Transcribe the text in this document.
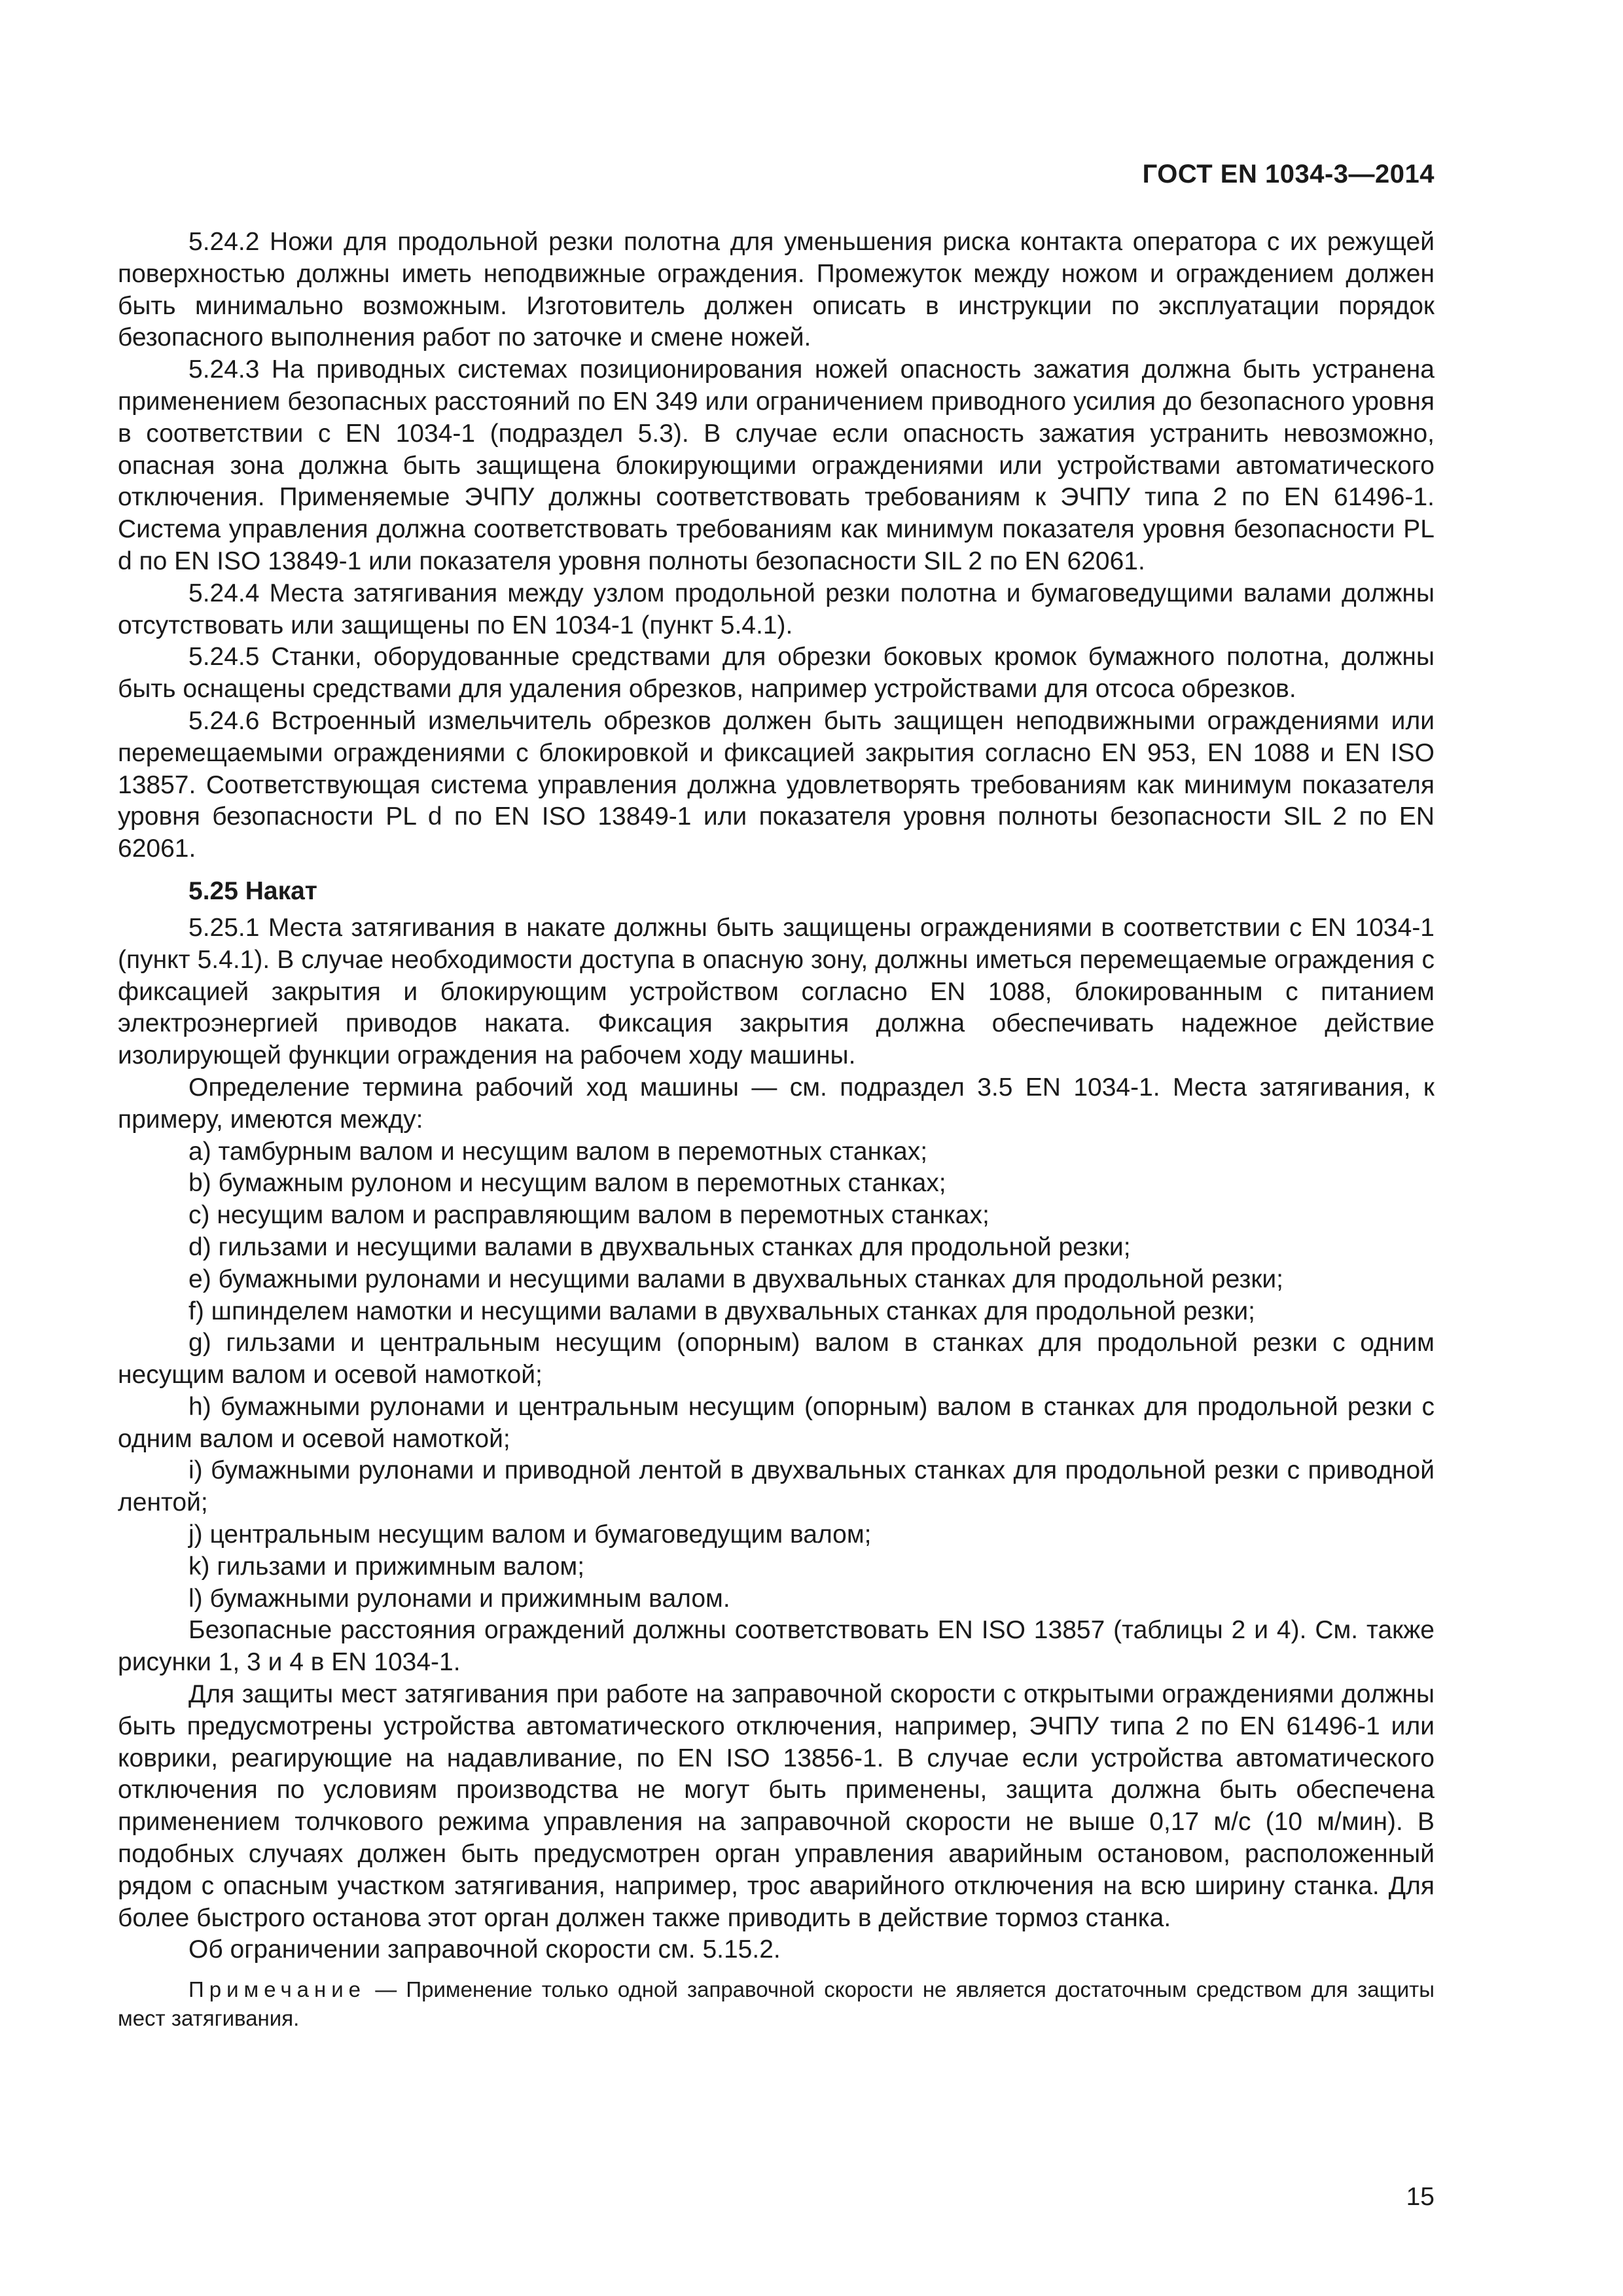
ГОСТ EN 1034-3—2014

5.24.2 Ножи для продольной резки полотна для уменьшения риска контакта оператора с их режущей поверхностью должны иметь неподвижные ограждения. Промежуток между ножом и ограждением должен быть минимально возможным. Изготовитель должен описать в инструкции по эксплуатации порядок безопасного выполнения работ по заточке и смене ножей.

5.24.3 На приводных системах позиционирования ножей опасность зажатия должна быть устранена применением безопасных расстояний по EN 349 или ограничением приводного усилия до безопасного уровня в соответствии с EN 1034-1 (подраздел 5.3). В случае если опасность зажатия устранить невозможно, опасная зона должна быть защищена блокирующими ограждениями или устройствами автоматического отключения. Применяемые ЭЧПУ должны соответствовать требованиям к ЭЧПУ типа 2 по EN 61496-1. Система управления должна соответствовать требованиям как минимум показателя уровня безопасности PL d по EN ISO 13849-1 или показателя уровня полноты безопасности SIL 2 по EN 62061.

5.24.4 Места затягивания между узлом продольной резки полотна и бумаговедущими валами должны отсутствовать или защищены по EN 1034-1 (пункт 5.4.1).

5.24.5 Станки, оборудованные средствами для обрезки боковых кромок бумажного полотна, должны быть оснащены средствами для удаления обрезков, например устройствами для отсоса обрезков.

5.24.6 Встроенный измельчитель обрезков должен быть защищен неподвижными ограждениями или перемещаемыми ограждениями с блокировкой и фиксацией закрытия согласно EN 953, EN 1088 и EN ISO 13857. Соответствующая система управления должна удовлетворять требованиям как минимум показателя уровня безопасности PL d по EN ISO 13849-1 или показателя уровня полноты безопасности SIL 2 по EN 62061.

5.25 Накат

5.25.1 Места затягивания в накате должны быть защищены ограждениями в соответствии с EN 1034-1 (пункт 5.4.1). В случае необходимости доступа в опасную зону, должны иметься перемещаемые ограждения с фиксацией закрытия и блокирующим устройством согласно EN 1088, блокированным с питанием электроэнергией приводов наката. Фиксация закрытия должна обеспечивать надежное действие изолирующей функции ограждения на рабочем ходу машины.

Определение термина рабочий ход машины — см. подраздел 3.5 EN 1034-1. Места затягивания, к примеру, имеются между:

a) тамбурным валом и несущим валом в перемотных станках;

b) бумажным рулоном и несущим валом в перемотных станках;

c) несущим валом и расправляющим валом в перемотных станках;

d) гильзами и несущими валами в двухвальных станках для продольной резки;

e) бумажными рулонами и несущими валами в двухвальных станках для продольной резки;

f) шпинделем намотки и несущими валами в двухвальных станках для продольной резки;

g) гильзами и центральным несущим (опорным) валом в станках для продольной резки с одним несущим валом и осевой намоткой;

h) бумажными рулонами и центральным несущим (опорным) валом в станках для продольной резки с одним валом и осевой намоткой;

i) бумажными рулонами и приводной лентой в двухвальных станках для продольной резки с приводной лентой;

j) центральным несущим валом и бумаговедущим валом;

k) гильзами и прижимным валом;

l) бумажными рулонами и прижимным валом.

Безопасные расстояния ограждений должны соответствовать EN ISO 13857 (таблицы 2 и 4). См. также рисунки 1, 3 и 4 в EN 1034-1.

Для защиты мест затягивания при работе на заправочной скорости с открытыми ограждениями должны быть предусмотрены устройства автоматического отключения, например, ЭЧПУ типа 2 по EN 61496-1 или коврики, реагирующие на надавливание, по EN ISO 13856-1. В случае если устройства автоматического отключения по условиям производства не могут быть применены, защита должна быть обеспечена применением толчкового режима управления на заправочной скорости не выше 0,17 м/с (10 м/мин). В подобных случаях должен быть предусмотрен орган управления аварийным остановом, расположенный рядом с опасным участком затягивания, например, трос аварийного отключения на всю ширину станка. Для более быстрого останова этот орган должен также приводить в действие тормоз станка.

Об ограничении заправочной скорости см. 5.15.2.

Примечание — Применение только одной заправочной скорости не является достаточным средством для защиты мест затягивания.
15
